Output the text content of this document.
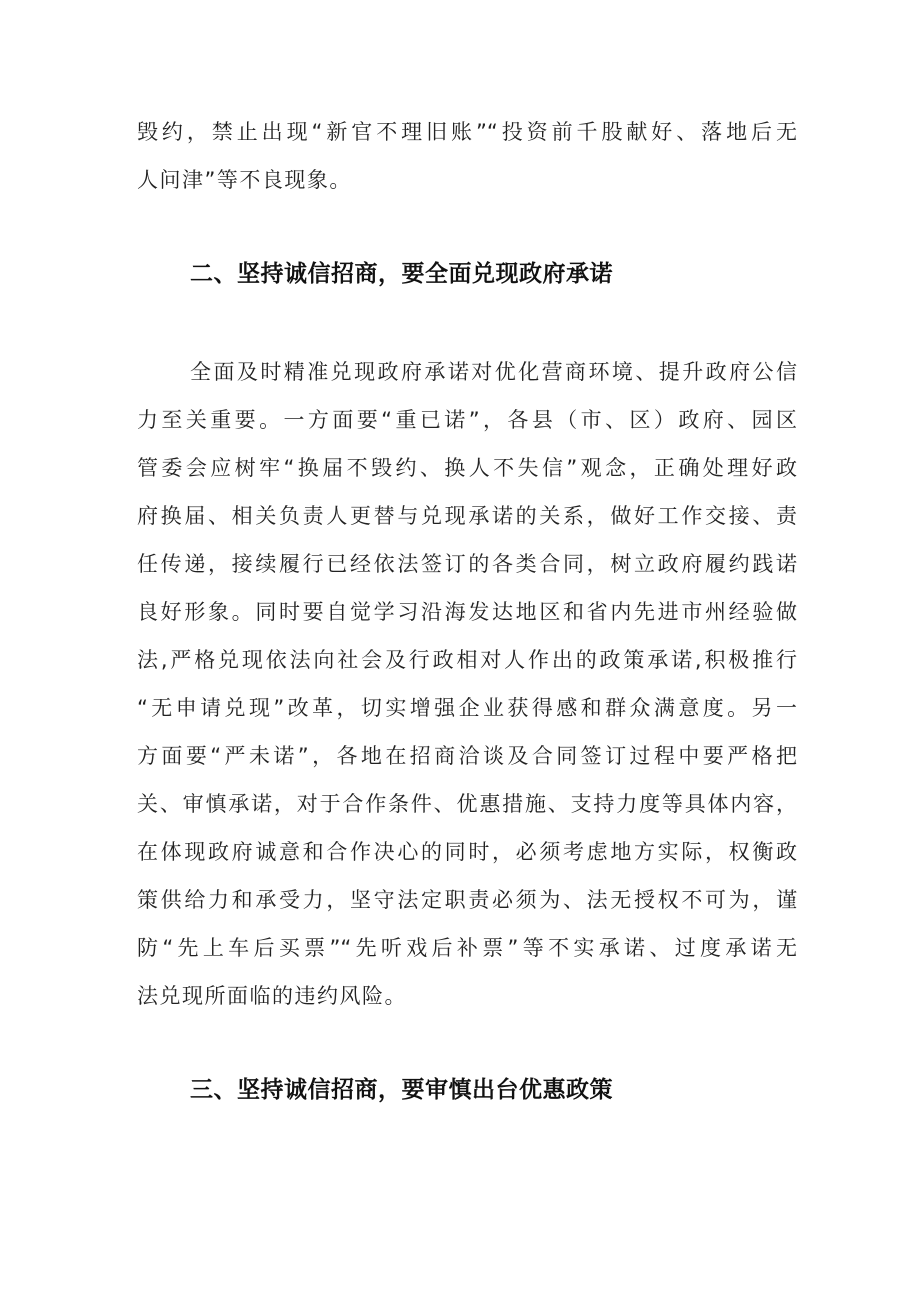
毁约，禁止出现“新官不理旧账”“投资前千股献好、落地后无

人问津”等不良现象。

二、坚持诚信招商，要全面兑现政府承诺

全面及时精准兑现政府承诺对优化营商环境、提升政府公信

力至关重要。一方面要“重已诺”，各县（市、区）政府、园区

管委会应树牢“换届不毁约、换人不失信”观念，正确处理好政

府换届、相关负责人更替与兑现承诺的关系，做好工作交接、责

任传递，接续履行已经依法签订的各类合同，树立政府履约践诺

良好形象。同时要自觉学习沿海发达地区和省内先进市州经验做

法,严格兑现依法向社会及行政相对人作出的政策承诺,积极推行

“无申请兑现”改革，切实增强企业获得感和群众满意度。另一

方面要“严未诺”，各地在招商洽谈及合同签订过程中要严格把

关、审慎承诺，对于合作条件、优惠措施、支持力度等具体内容，

在体现政府诚意和合作决心的同时，必须考虑地方实际，权衡政

策供给力和承受力，坚守法定职责必须为、法无授权不可为，谨

防“先上车后买票”“先听戏后补票”等不实承诺、过度承诺无

法兑现所面临的违约风险。

三、坚持诚信招商，要审慎出台优惠政策
